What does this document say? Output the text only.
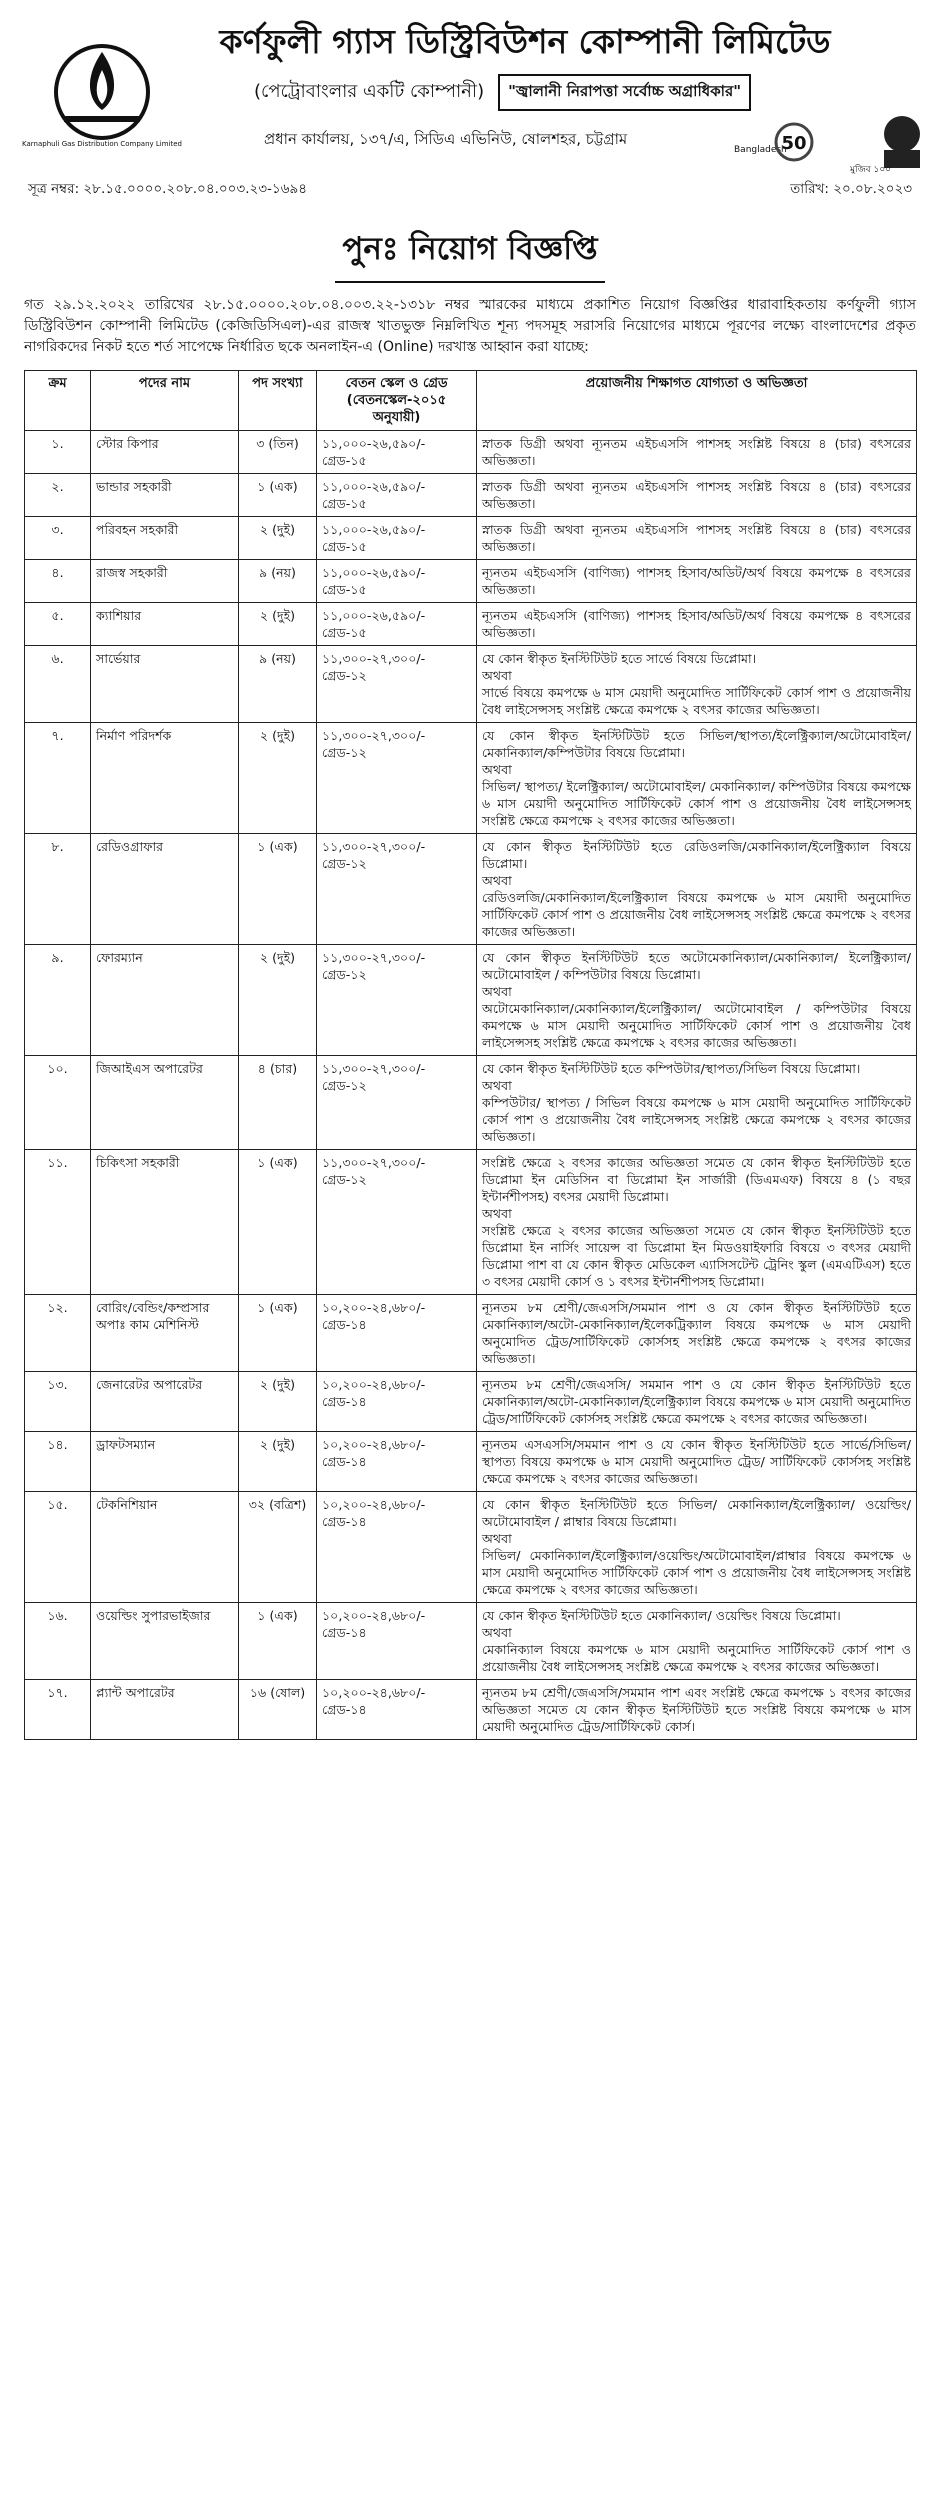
Karnaphuli Gas Distribution Company Limited
কর্ণফুলী গ্যাস ডিস্ট্রিবিউশন কোম্পানী লিমিটেড
(পেট্রোবাংলার একটি কোম্পানী)	"জ্বালানী নিরাপত্তা সর্বোচ্চ অগ্রাধিকার"
প্রধান কার্যালয়, ১৩৭/এ, সিডিএ এভিনিউ, ষোলশহর, চট্টগ্রাম
Bangladesh
50
মুজিব ১০০
সূত্র নম্বর: ২৮.১৫.০০০০.২০৮.০৪.০০৩.২৩-১৬৯৪	তারিখ: ২০.০৮.২০২৩
পুনঃ নিয়োগ বিজ্ঞপ্তি

গত ২৯.১২.২০২২ তারিখের ২৮.১৫.০০০০.২০৮.০৪.০০৩.২২-১৩১৮ নম্বর স্মারকের মাধ্যমে প্রকাশিত নিয়োগ বিজ্ঞপ্তির ধারাবাহিকতায় কর্ণফুলী গ্যাস ডিস্ট্রিবিউশন কোম্পানী লিমিটেড (কেজিডিসিএল)-এর রাজস্ব খাতভুক্ত নিম্নলিখিত শূন্য পদসমূহ সরাসরি নিয়োগের মাধ্যমে পূরণের লক্ষ্যে বাংলাদেশের প্রকৃত নাগরিকদের নিকট হতে শর্ত সাপেক্ষে নির্ধারিত ছকে অনলাইন-এ (Online) দরখাস্ত আহ্বান করা যাচ্ছে:

ক্রম	পদের নাম	পদ সংখ্যা	বেতন স্কেল ও গ্রেড (বেতনস্কেল-২০১৫ অনুযায়ী)	প্রয়োজনীয় শিক্ষাগত যোগ্যতা ও অভিজ্ঞতা
১.	স্টোর কিপার	৩ (তিন)	১১,০০০-২৬,৫৯০/-
গ্রেড-১৫	স্নাতক ডিগ্রী অথবা ন্যূনতম এইচএসসি পাশসহ সংশ্লিষ্ট বিষয়ে ৪ (চার) বৎসরের অভিজ্ঞতা।

২.	ভান্ডার সহকারী	১ (এক)	১১,০০০-২৬,৫৯০/-
গ্রেড-১৫	স্নাতক ডিগ্রী অথবা ন্যূনতম এইচএসসি পাশসহ সংশ্লিষ্ট বিষয়ে ৪ (চার) বৎসরের অভিজ্ঞতা।

৩.	পরিবহন সহকারী	২ (দুই)	১১,০০০-২৬,৫৯০/-
গ্রেড-১৫	স্নাতক ডিগ্রী অথবা ন্যূনতম এইচএসসি পাশসহ সংশ্লিষ্ট বিষয়ে ৪ (চার) বৎসরের অভিজ্ঞতা।

৪.	রাজস্ব সহকারী	৯ (নয়)	১১,০০০-২৬,৫৯০/-
গ্রেড-১৫	ন্যূনতম এইচএসসি (বাণিজ্য) পাশসহ হিসাব/অডিট/অর্থ বিষয়ে কমপক্ষে ৪ বৎসরের অভিজ্ঞতা।

৫.	ক্যাশিয়ার	২ (দুই)	১১,০০০-২৬,৫৯০/-
গ্রেড-১৫	ন্যূনতম এইচএসসি (বাণিজ্য) পাশসহ হিসাব/অডিট/অর্থ বিষয়ে কমপক্ষে ৪ বৎসরের অভিজ্ঞতা।

৬.	সার্ভেয়ার	৯ (নয়)	১১,৩০০-২৭,৩০০/-
গ্রেড-১২	যে কোন স্বীকৃত ইনস্টিটিউট হতে সার্ভে বিষয়ে ডিপ্লোমা।
অথবা
সার্ভে বিষয়ে কমপক্ষে ৬ মাস মেয়াদী অনুমোদিত সার্টিফিকেট কোর্স পাশ ও প্রয়োজনীয় বৈধ লাইসেন্সসহ সংশ্লিষ্ট ক্ষেত্রে কমপক্ষে ২ বৎসর কাজের অভিজ্ঞতা।

৭.	নির্মাণ পরিদর্শক	২ (দুই)	১১,৩০০-২৭,৩০০/-
গ্রেড-১২	যে কোন স্বীকৃত ইনস্টিটিউট হতে সিভিল/স্থাপত্য/ইলেক্ট্রিক্যাল/অটোমোবাইল/মেকানিক্যাল/কম্পিউটার বিষয়ে ডিপ্লোমা।
অথবা
সিভিল/ স্থাপত্য/ ইলেক্ট্রিক্যাল/ অটোমোবাইল/ মেকানিক্যাল/ কম্পিউটার বিষয়ে কমপক্ষে ৬ মাস মেয়াদী অনুমোদিত সার্টিফিকেট কোর্স পাশ ও প্রয়োজনীয় বৈধ লাইসেন্সসহ সংশ্লিষ্ট ক্ষেত্রে কমপক্ষে ২ বৎসর কাজের অভিজ্ঞতা।

৮.	রেডিওগ্রাফার	১ (এক)	১১,৩০০-২৭,৩০০/-
গ্রেড-১২	যে কোন স্বীকৃত ইনস্টিটিউট হতে রেডিওলজি/মেকানিক্যাল/ইলেক্ট্রিক্যাল বিষয়ে ডিপ্লোমা।
অথবা
রেডিওলজি/মেকানিক্যাল/ইলেক্ট্রিক্যাল বিষয়ে কমপক্ষে ৬ মাস মেয়াদী অনুমোদিত সার্টিফিকেট কোর্স পাশ ও প্রয়োজনীয় বৈধ লাইসেন্সসহ সংশ্লিষ্ট ক্ষেত্রে কমপক্ষে ২ বৎসর কাজের অভিজ্ঞতা।

৯.	ফোরম্যান	২ (দুই)	১১,৩০০-২৭,৩০০/-
গ্রেড-১২	যে কোন স্বীকৃত ইনস্টিটিউট হতে অটোমেকানিক্যাল/মেকানিক্যাল/ ইলেক্ট্রিক্যাল/ অটোমোবাইল / কম্পিউটার বিষয়ে ডিপ্লোমা।
অথবা
অটোমেকানিক্যাল/মেকানিক্যাল/ইলেক্ট্রিক্যাল/ অটোমোবাইল / কম্পিউটার বিষয়ে কমপক্ষে ৬ মাস মেয়াদী অনুমোদিত সার্টিফিকেট কোর্স পাশ ও প্রয়োজনীয় বৈধ লাইসেন্সসহ সংশ্লিষ্ট ক্ষেত্রে কমপক্ষে ২ বৎসর কাজের অভিজ্ঞতা।

১০.	জিআইএস অপারেটর	৪ (চার)	১১,৩০০-২৭,৩০০/-
গ্রেড-১২	যে কোন স্বীকৃত ইনস্টিটিউট হতে কম্পিউটার/স্থাপত্য/সিভিল বিষয়ে ডিপ্লোমা।
অথবা
কম্পিউটার/ স্থাপত্য / সিভিল বিষয়ে কমপক্ষে ৬ মাস মেয়াদী অনুমোদিত সার্টিফিকেট কোর্স পাশ ও প্রয়োজনীয় বৈধ লাইসেন্সসহ সংশ্লিষ্ট ক্ষেত্রে কমপক্ষে ২ বৎসর কাজের অভিজ্ঞতা।

১১.	চিকিৎসা সহকারী	১ (এক)	১১,৩০০-২৭,৩০০/-
গ্রেড-১২	সংশ্লিষ্ট ক্ষেত্রে ২ বৎসর কাজের অভিজ্ঞতা সমেত যে কোন স্বীকৃত ইনস্টিটিউট হতে ডিপ্লোমা ইন মেডিসিন বা ডিপ্লোমা ইন সার্জারী (ডিএমএফ) বিষয়ে ৪ (১ বছর ইন্টার্নশীপসহ) বৎসর মেয়াদী ডিপ্লোমা।
অথবা
সংশ্লিষ্ট ক্ষেত্রে ২ বৎসর কাজের অভিজ্ঞতা সমেত যে কোন স্বীকৃত ইনস্টিটিউট হতে ডিপ্লোমা ইন নার্সিং সায়েন্স বা ডিপ্লোমা ইন মিডওয়াইফারি বিষয়ে ৩ বৎসর মেয়াদী ডিপ্লোমা পাশ বা যে কোন স্বীকৃত মেডিকেল এ্যাসিসটেন্ট ট্রেনিং স্কুল (এমএটিএস) হতে ৩ বৎসর মেয়াদী কোর্স ও ১ বৎসর ইন্টার্নশীপসহ ডিপ্লোমা।

১২.	বোরিং/বেন্ডিং/কম্প্রসার অপাঃ কাম মেশিনিস্ট	১ (এক)	১০,২০০-২৪,৬৮০/-
গ্রেড-১৪	ন্যূনতম ৮ম শ্রেণী/জেএসসি/সমমান পাশ ও যে কোন স্বীকৃত ইনস্টিটিউট হতে মেকানিক্যাল/অটো-মেকানিক্যাল/ইলেকট্রিক্যাল বিষয়ে কমপক্ষে ৬ মাস মেয়াদী অনুমোদিত ট্রেড/সার্টিফিকেট কোর্সসহ সংশ্লিষ্ট ক্ষেত্রে কমপক্ষে ২ বৎসর কাজের অভিজ্ঞতা।

১৩.	জেনারেটর অপারেটর	২ (দুই)	১০,২০০-২৪,৬৮০/-
গ্রেড-১৪	ন্যূনতম ৮ম শ্রেণী/জেএসসি/ সমমান পাশ ও যে কোন স্বীকৃত ইনস্টিটিউট হতে মেকানিক্যাল/অটো-মেকানিক্যাল/ইলেক্ট্রিক্যাল বিষয়ে কমপক্ষে ৬ মাস মেয়াদী অনুমোদিত ট্রেড/সার্টিফিকেট কোর্সসহ সংশ্লিষ্ট ক্ষেত্রে কমপক্ষে ২ বৎসর কাজের অভিজ্ঞতা।

১৪.	ড্রাফটসম্যান	২ (দুই)	১০,২০০-২৪,৬৮০/-
গ্রেড-১৪	ন্যূনতম এসএসসি/সমমান পাশ ও যে কোন স্বীকৃত ইনস্টিটিউট হতে সার্ভে/সিভিল/স্থাপত্য বিষয়ে কমপক্ষে ৬ মাস মেয়াদী অনুমোদিত ট্রেড/ সার্টিফিকেট কোর্সসহ সংশ্লিষ্ট ক্ষেত্রে কমপক্ষে ২ বৎসর কাজের অভিজ্ঞতা।

১৫.	টেকনিশিয়ান	৩২ (বত্রিশ)	১০,২০০-২৪,৬৮০/-
গ্রেড-১৪	যে কোন স্বীকৃত ইনস্টিটিউট হতে সিভিল/ মেকানিক্যাল/ইলেক্ট্রিক্যাল/ ওয়েল্ডিং/ অটোমোবাইল / প্লাম্বার বিষয়ে ডিপ্লোমা।
অথবা
সিভিল/ মেকানিক্যাল/ইলেক্ট্রিক্যাল/ওয়েল্ডিং/অটোমোবাইল/প্লাম্বার বিষয়ে কমপক্ষে ৬ মাস মেয়াদী অনুমোদিত সার্টিফিকেট কোর্স পাশ ও প্রয়োজনীয় বৈধ লাইসেন্সসহ সংশ্লিষ্ট ক্ষেত্রে কমপক্ষে ২ বৎসর কাজের অভিজ্ঞতা।

১৬.	ওয়েল্ডিং সুপারভাইজার	১ (এক)	১০,২০০-২৪,৬৮০/-
গ্রেড-১৪	যে কোন স্বীকৃত ইনস্টিটিউট হতে মেকানিক্যাল/ ওয়েল্ডিং বিষয়ে ডিপ্লোমা।
অথবা
মেকানিক্যাল বিষয়ে কমপক্ষে ৬ মাস মেয়াদী অনুমোদিত সার্টিফিকেট কোর্স পাশ ও প্রয়োজনীয় বৈধ লাইসেন্সসহ সংশ্লিষ্ট ক্ষেত্রে কমপক্ষে ২ বৎসর কাজের অভিজ্ঞতা।

১৭.	প্ল্যান্ট অপারেটর	১৬ (ষোল)	১০,২০০-২৪,৬৮০/-
গ্রেড-১৪	ন্যূনতম ৮ম শ্রেণী/জেএসসি/সমমান পাশ এবং সংশ্লিষ্ট ক্ষেত্রে কমপক্ষে ১ বৎসর কাজের অভিজ্ঞতা সমেত যে কোন স্বীকৃত ইনস্টিটিউট হতে সংশ্লিষ্ট বিষয়ে কমপক্ষে ৬ মাস মেয়াদী অনুমোদিত ট্রেড/সার্টিফিকেট কোর্স।
